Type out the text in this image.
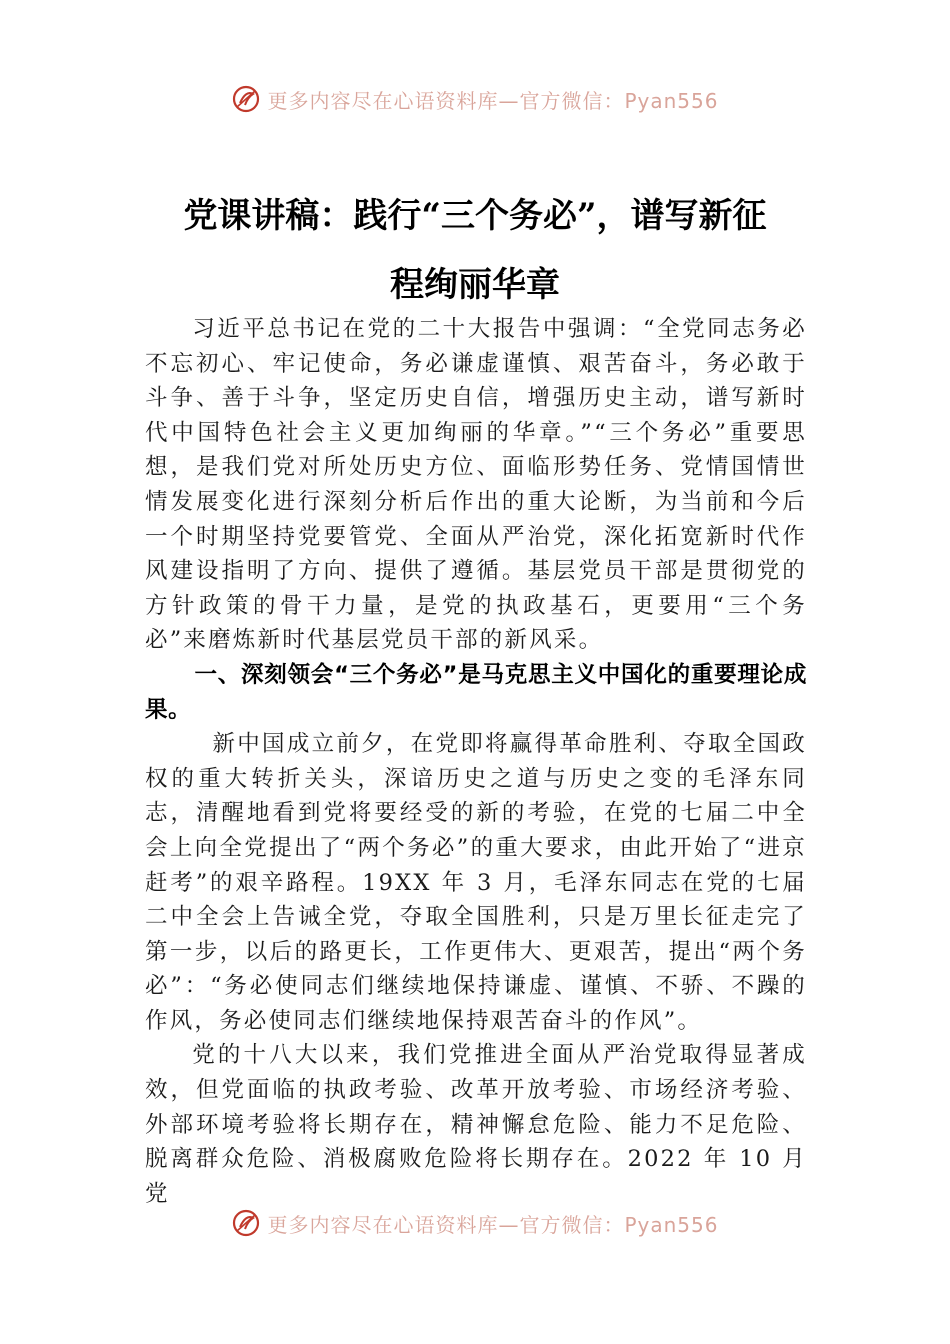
更多内容尽在心语资料库—官方微信：Pyan556
党课讲稿：践行“三个务必”，谱写新征
程绚丽华章

习近平总书记在党的二十大报告中强调：“全党同志务必不忘初心、牢记使命，务必谦虚谨慎、艰苦奋斗，务必敢于斗争、善于斗争，坚定历史自信，增强历史主动，谱写新时代中国特色社会主义更加绚丽的华章。”“三个务必”重要思想，是我们党对所处历史方位、面临形势任务、党情国情世情发展变化进行深刻分析后作出的重大论断，为当前和今后一个时期坚持党要管党、全面从严治党，深化拓宽新时代作风建设指明了方向、提供了遵循。基层党员干部是贯彻党的方针政策的骨干力量，是党的执政基石，更要用“三个务必”来磨炼新时代基层党员干部的新风采。

一、深刻领会“三个务必”是马克思主义中国化的重要理论成果。

新中国成立前夕，在党即将赢得革命胜利、夺取全国政权的重大转折关头，深谙历史之道与历史之变的毛泽东同志，清醒地看到党将要经受的新的考验，在党的七届二中全会上向全党提出了“两个务必”的重大要求，由此开始了“进京赶考”的艰辛路程。19XX 年 3 月，毛泽东同志在党的七届二中全会上告诫全党，夺取全国胜利，只是万里长征走完了第一步，以后的路更长，工作更伟大、更艰苦，提出“两个务必”：“务必使同志们继续地保持谦虚、谨慎、不骄、不躁的作风，务必使同志们继续地保持艰苦奋斗的作风”。

党的十八大以来，我们党推进全面从严治党取得显著成效，但党面临的执政考验、改革开放考验、市场经济考验、外部环境考验将长期存在，精神懈怠危险、能力不足危险、脱离群众危险、消极腐败危险将长期存在。2022 年 10 月党

更多内容尽在心语资料库—官方微信：Pyan556
